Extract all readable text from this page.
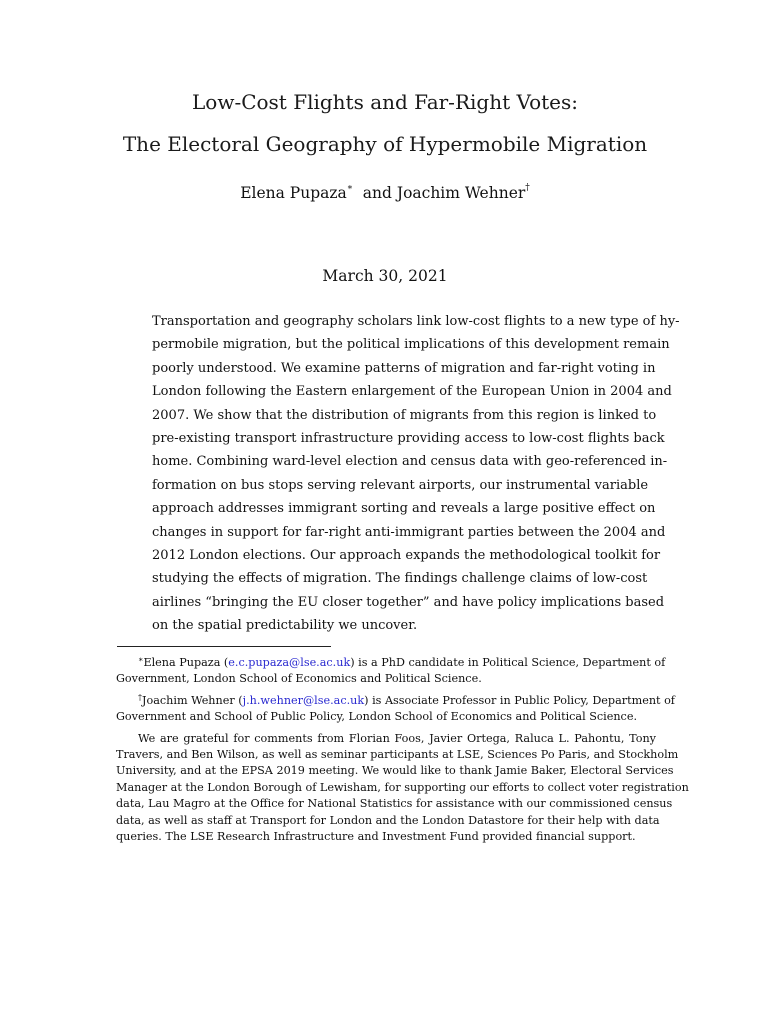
Low-Cost Flights and Far-Right Votes:
The Electoral Geography of Hypermobile Migration
Elena Pupaza∗ and Joachim Wehner†
March 30, 2021
Transportation and geography scholars link low-cost flights to a new type of hy-
permobile migration, but the political implications of this development remain
poorly understood. We examine patterns of migration and far-right voting in
London following the Eastern enlargement of the European Union in 2004 and
2007. We show that the distribution of migrants from this region is linked to
pre-existing transport infrastructure providing access to low-cost flights back
home. Combining ward-level election and census data with geo-referenced in-
formation on bus stops serving relevant airports, our instrumental variable
approach addresses immigrant sorting and reveals a large positive effect on
changes in support for far-right anti-immigrant parties between the 2004 and
2012 London elections. Our approach expands the methodological toolkit for
studying the effects of migration. The findings challenge claims of low-cost
airlines “bringing the EU closer together” and have policy implications based
on the spatial predictability we uncover.
∗Elena Pupaza (e.c.pupaza@lse.ac.uk) is a PhD candidate in Political Science, Department of
Government, London School of Economics and Political Science.
†Joachim Wehner (j.h.wehner@lse.ac.uk) is Associate Professor in Public Policy, Department of
Government and School of Public Policy, London School of Economics and Political Science.
We are grateful for comments from Florian Foos, Javier Ortega, Raluca L. Pahontu, Tony
Travers, and Ben Wilson, as well as seminar participants at LSE, Sciences Po Paris, and Stockholm
University, and at the EPSA 2019 meeting. We would like to thank Jamie Baker, Electoral Services
Manager at the London Borough of Lewisham, for supporting our efforts to collect voter registration
data, Lau Magro at the Office for National Statistics for assistance with our commissioned census
data, as well as staff at Transport for London and the London Datastore for their help with data
queries. The LSE Research Infrastructure and Investment Fund provided financial support.
